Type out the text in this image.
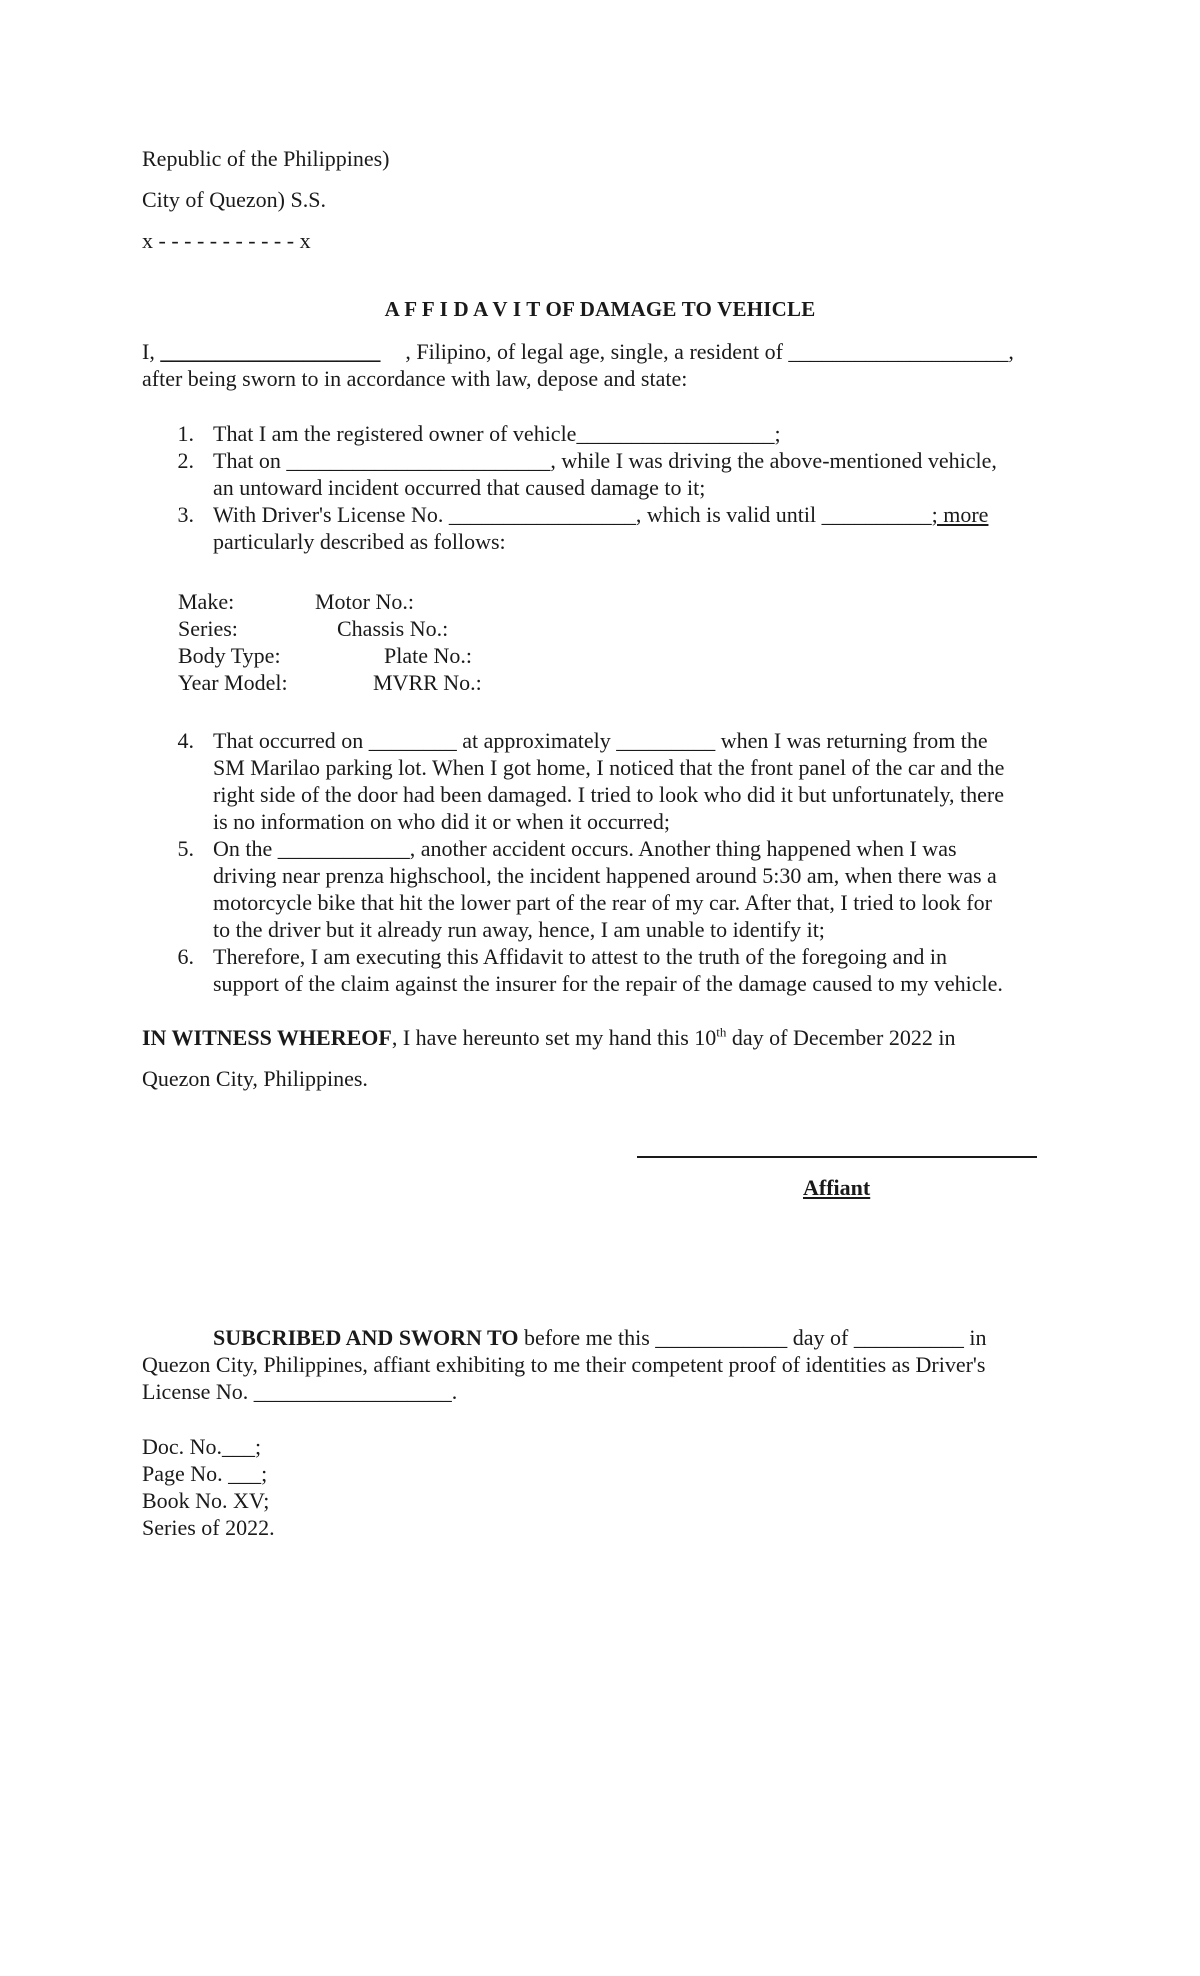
Republic of the Philippines)
City of Quezon) S.S.
x - - - - - - - - - - - x
A F F I D A V I T OF DAMAGE TO VEHICLE
I, ____________________ , Filipino, of legal age, single, a resident of ____________________,
after being sworn to in accordance with law, depose and state:
1. That I am the registered owner of vehicle__________________;
2. That on ________________________, while I was driving the above-mentioned vehicle,
an untoward incident occurred that caused damage to it;
3. With Driver's License No. _________________, which is valid until __________; more
particularly described as follows:
Make:	Motor No.:
Series:	Chassis No.:
Body Type:	Plate No.:
Year Model:	MVRR No.:
4. That occurred on ________ at approximately _________ when I was returning from the
SM Marilao parking lot. When I got home, I noticed that the front panel of the car and the
right side of the door had been damaged. I tried to look who did it but unfortunately, there
is no information on who did it or when it occurred;
5. On the ____________, another accident occurs. Another thing happened when I was
driving near prenza highschool, the incident happened around 5:30 am, when there was a
motorcycle bike that hit the lower part of the rear of my car. After that, I tried to look for
to the driver but it already run away, hence, I am unable to identify it;
6. Therefore, I am executing this Affidavit to attest to the truth of the foregoing and in
support of the claim against the insurer for the repair of the damage caused to my vehicle.
IN WITNESS WHEREOF, I have hereunto set my hand this 10th day of December 2022 in
Quezon City, Philippines.
Affiant
SUBCRIBED AND SWORN TO before me this ____________ day of __________ in
Quezon City, Philippines, affiant exhibiting to me their competent proof of identities as Driver's
License No. __________________.
Doc. No.___;
Page No. ___;
Book No. XV;
Series of 2022.
